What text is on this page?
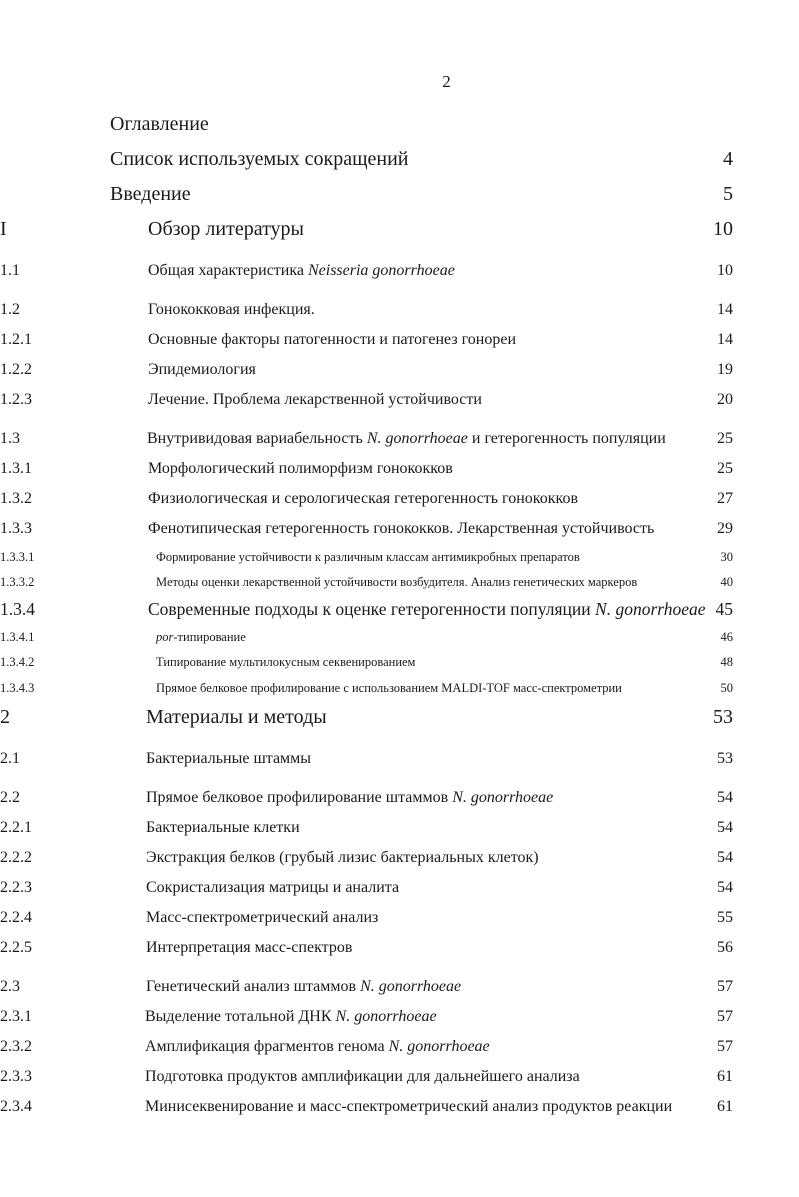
2
Оглавление
Список используемых сокращений	4
Введение	5
I	Обзор литературы	10
1.1	Общая характеристика Neisseria gonorrhoeae	10
1.2	Гонококковая инфекция.	14
1.2.1	Основные факторы патогенности и патогенез гонореи	14
1.2.2	Эпидемиология	19
1.2.3	Лечение. Проблема лекарственной устойчивости	20
1.3	Внутривидовая вариабельность N. gonorrhoeae и гетерогенность популяции	25
1.3.1	Морфологический полиморфизм гонококков	25
1.3.2	Физиологическая и серологическая гетерогенность гонококков	27
1.3.3	Фенотипическая гетерогенность гонококков. Лекарственная устойчивость	29
1.3.3.1	Формирование устойчивости к различным классам антимикробных препаратов	30
1.3.3.2	Методы оценки лекарственной устойчивости возбудителя. Анализ генетических маркеров	40
1.3.4	Современные подходы к оценке гетерогенности популяции N. gonorrhoeae 45
1.3.4.1	por-типирование	46
1.3.4.2	Типирование мультилокусным секвенированием	48
1.3.4.3	Прямое белковое профилирование с использованием MALDI-TOF масс-спектрометрии	50
2	Материалы и методы	53
2.1	Бактериальные штаммы	53
2.2	Прямое белковое профилирование штаммов N. gonorrhoeae	54
2.2.1	Бактериальные клетки	54
2.2.2	Экстракция белков (грубый лизис бактериальных клеток)	54
2.2.3	Сокристализация матрицы и аналита	54
2.2.4	Масс-спектрометрический анализ	55
2.2.5	Интерпретация масс-спектров	56
2.3	Генетический анализ штаммов N. gonorrhoeae	57
2.3.1	Выделение тотальной ДНК N. gonorrhoeae	57
2.3.2	Амплификация фрагментов генома N. gonorrhoeae	57
2.3.3	Подготовка продуктов амплификации для дальнейшего анализа	61
2.3.4	Минисеквенирование и масс-спектрометрический анализ продуктов реакции	61
